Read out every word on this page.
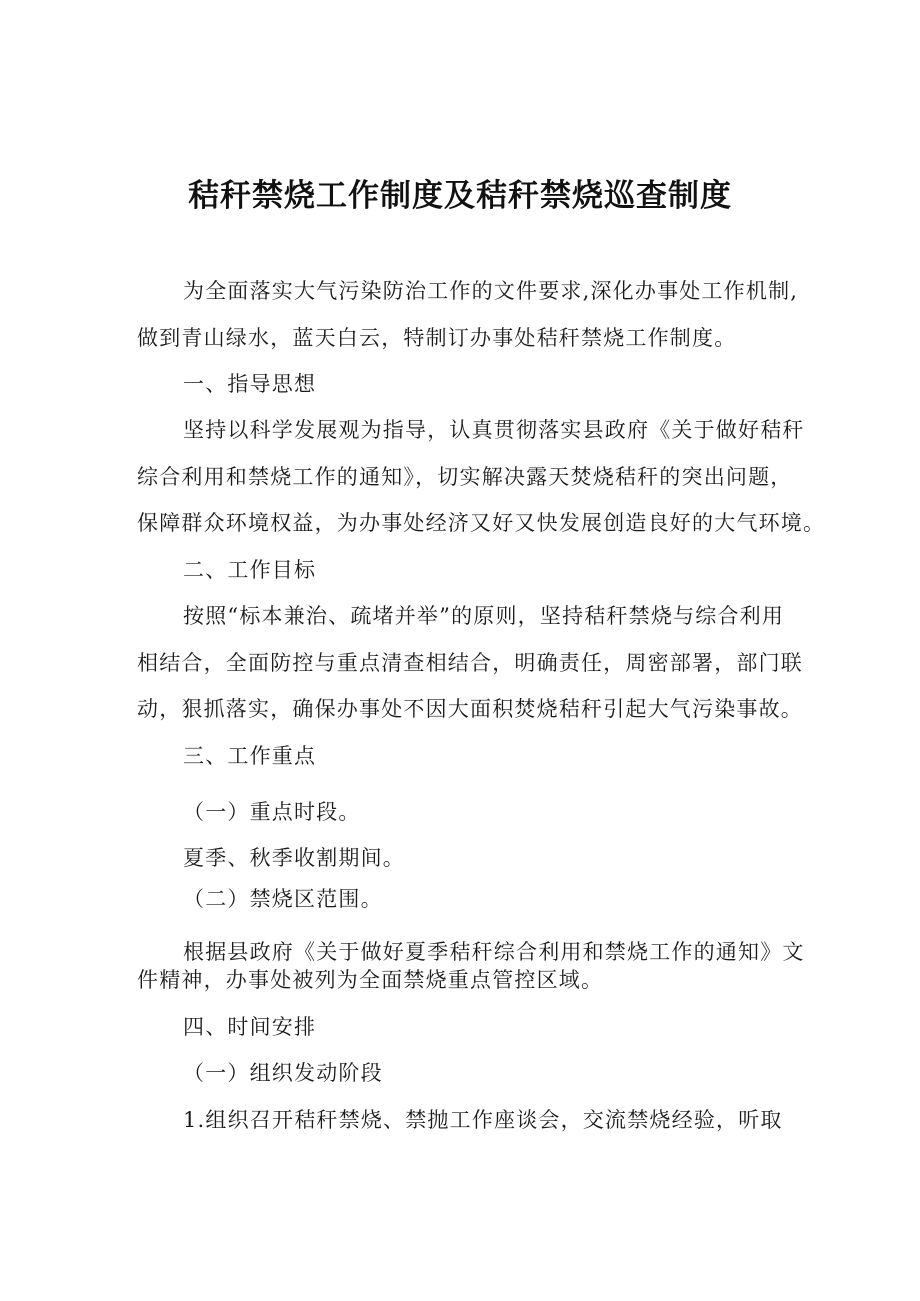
秸秆禁烧工作制度及秸秆禁烧巡查制度
为全面落实大气污染防治工作的文件要求,深化办事处工作机制,
做到青山绿水，蓝天白云，特制订办事处秸秆禁烧工作制度。
一、指导思想
坚持以科学发展观为指导，认真贯彻落实县政府《关于做好秸秆
综合利用和禁烧工作的通知》，切实解决露天焚烧秸秆的突出问题，
保障群众环境权益，为办事处经济又好又快发展创造良好的大气环境。
二、工作目标
按照“标本兼治、疏堵并举”的原则，坚持秸秆禁烧与综合利用
相结合，全面防控与重点清查相结合，明确责任，周密部署，部门联
动，狠抓落实，确保办事处不因大面积焚烧秸秆引起大气污染事故。
三、工作重点
（一）重点时段。
夏季、秋季收割期间。
（二）禁烧区范围。
根据县政府《关于做好夏季秸秆综合利用和禁烧工作的通知》文
件精神，办事处被列为全面禁烧重点管控区域。
四、时间安排
（一）组织发动阶段
1.组织召开秸秆禁烧、禁抛工作座谈会，交流禁烧经验，听取
